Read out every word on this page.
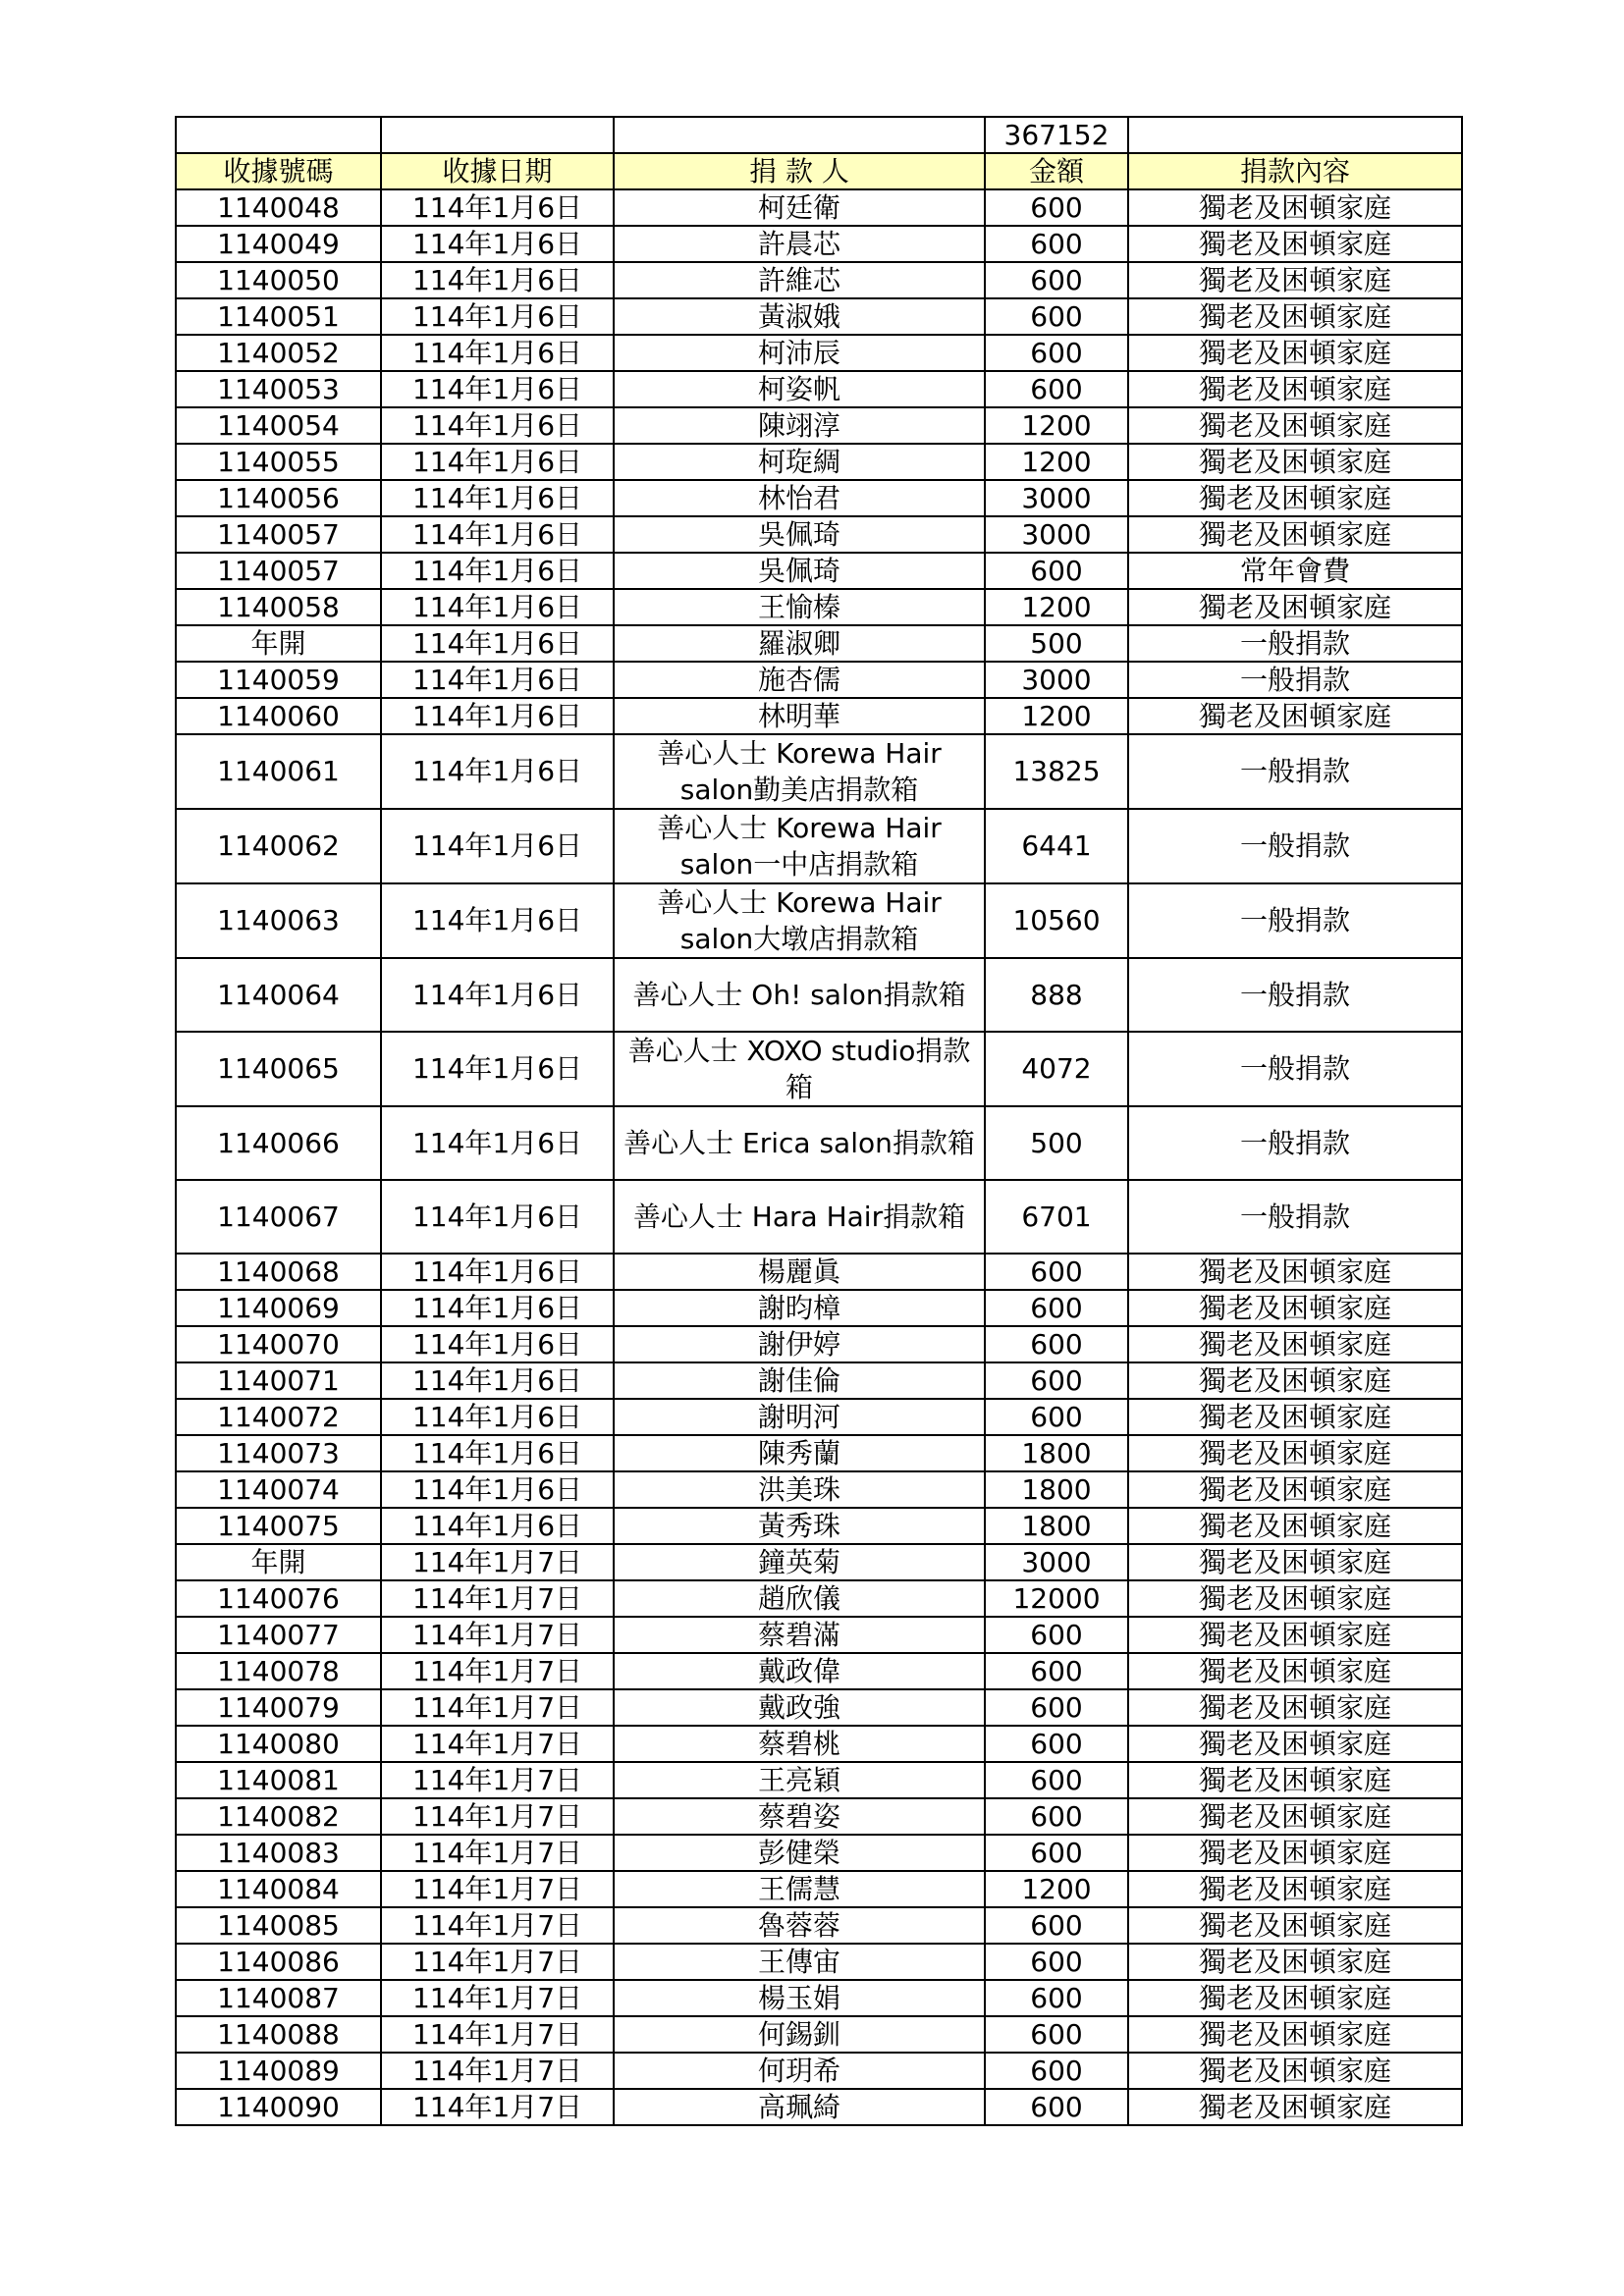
			367152	
收據號碼	收據日期	捐 款 人	金額	捐款內容
1140048	114年1月6日	柯廷衛	600	獨老及困頓家庭
1140049	114年1月6日	許晨芯	600	獨老及困頓家庭
1140050	114年1月6日	許維芯	600	獨老及困頓家庭
1140051	114年1月6日	黃淑娥	600	獨老及困頓家庭
1140052	114年1月6日	柯沛辰	600	獨老及困頓家庭
1140053	114年1月6日	柯姿帆	600	獨老及困頓家庭
1140054	114年1月6日	陳翊淳	1200	獨老及困頓家庭
1140055	114年1月6日	柯琁綢	1200	獨老及困頓家庭
1140056	114年1月6日	林怡君	3000	獨老及困頓家庭
1140057	114年1月6日	吳佩琦	3000	獨老及困頓家庭
1140057	114年1月6日	吳佩琦	600	常年會費
1140058	114年1月6日	王愉榛	1200	獨老及困頓家庭
年開	114年1月6日	羅淑卿	500	一般捐款
1140059	114年1月6日	施杏儒	3000	一般捐款
1140060	114年1月6日	林明華	1200	獨老及困頓家庭
1140061	114年1月6日	善心人士 Korewa Hair salon勤美店捐款箱	13825	一般捐款
1140062	114年1月6日	善心人士 Korewa Hair salon一中店捐款箱	6441	一般捐款
1140063	114年1月6日	善心人士 Korewa Hair salon大墩店捐款箱	10560	一般捐款
1140064	114年1月6日	善心人士 Oh! salon捐款箱	888	一般捐款
1140065	114年1月6日	善心人士 XOXO studio捐款箱	4072	一般捐款
1140066	114年1月6日	善心人士 Erica salon捐款箱	500	一般捐款
1140067	114年1月6日	善心人士 Hara Hair捐款箱	6701	一般捐款
1140068	114年1月6日	楊麗眞	600	獨老及困頓家庭
1140069	114年1月6日	謝昀樟	600	獨老及困頓家庭
1140070	114年1月6日	謝伊婷	600	獨老及困頓家庭
1140071	114年1月6日	謝佳倫	600	獨老及困頓家庭
1140072	114年1月6日	謝明河	600	獨老及困頓家庭
1140073	114年1月6日	陳秀蘭	1800	獨老及困頓家庭
1140074	114年1月6日	洪美珠	1800	獨老及困頓家庭
1140075	114年1月6日	黃秀珠	1800	獨老及困頓家庭
年開	114年1月7日	鐘英菊	3000	獨老及困頓家庭
1140076	114年1月7日	趙欣儀	12000	獨老及困頓家庭
1140077	114年1月7日	蔡碧滿	600	獨老及困頓家庭
1140078	114年1月7日	戴政偉	600	獨老及困頓家庭
1140079	114年1月7日	戴政強	600	獨老及困頓家庭
1140080	114年1月7日	蔡碧桃	600	獨老及困頓家庭
1140081	114年1月7日	王亮穎	600	獨老及困頓家庭
1140082	114年1月7日	蔡碧姿	600	獨老及困頓家庭
1140083	114年1月7日	彭健榮	600	獨老及困頓家庭
1140084	114年1月7日	王儒慧	1200	獨老及困頓家庭
1140085	114年1月7日	魯蓉蓉	600	獨老及困頓家庭
1140086	114年1月7日	王傳宙	600	獨老及困頓家庭
1140087	114年1月7日	楊玉娟	600	獨老及困頓家庭
1140088	114年1月7日	何錫釧	600	獨老及困頓家庭
1140089	114年1月7日	何玥希	600	獨老及困頓家庭
1140090	114年1月7日	高珮綺	600	獨老及困頓家庭
